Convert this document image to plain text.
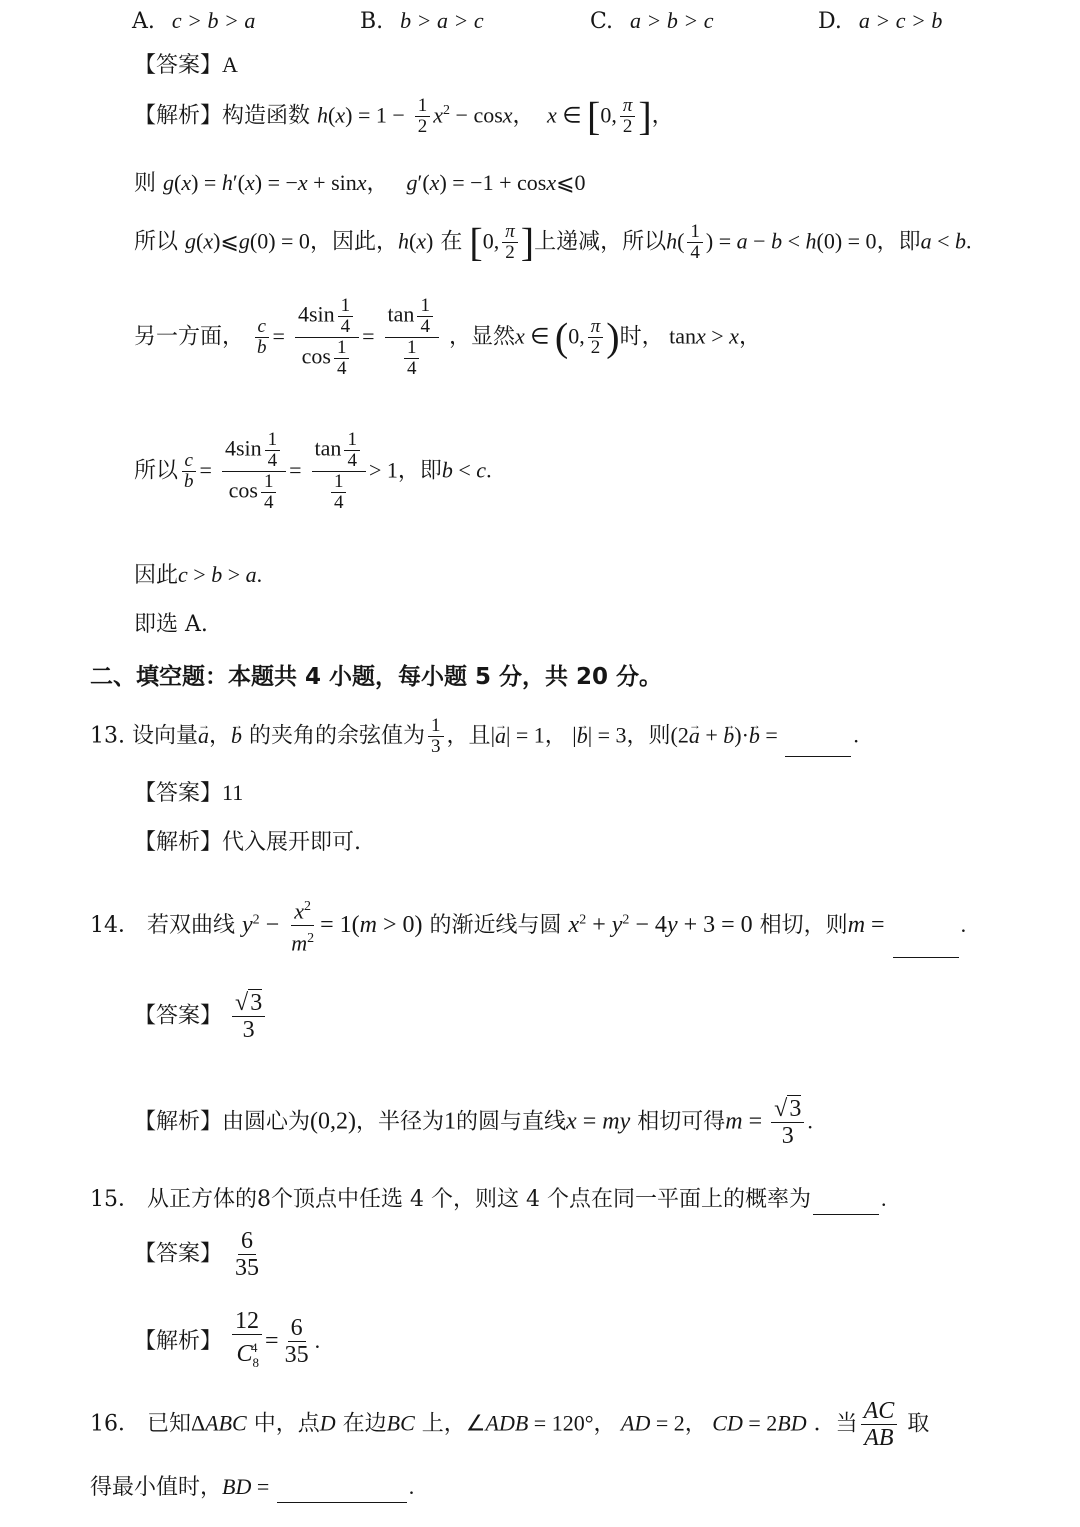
A. c > b > a	B. b > a > c	C. a > b > c	D. a > c > b
【答案】A
【解析】构造函数 $h(x) = 1 - \frac{1}{2} x^2 - \cos x$，  x ∈ [0, $\frac{\pi}{2}$ ]，
则 g(x) = h′(x) = −x + sinx，   g′(x) = −1 + cosx⩽0
所以 g(x)⩽g(0) = 0，因此，h(x) 在 [0, $\frac{\pi}{2}$ ]上递减，所以$h( \frac{1}{4}$ ) = a − b < h(0) = 0，即a < b.
另一方面， $\frac{c}{b} = \frac{4\sin \frac{1}{4}}{\cos \frac{1}{4}} = \frac{\tan \frac{1}{4}}{\frac{1}{4}}$ ，显然x ∈ (0, $\frac{\pi}{2}$ )时， tanx > x，
所以 $\frac{c}{b} = \frac{4\sin \frac{1}{4}}{\cos \frac{1}{4}} = \frac{\tan \frac{1}{4}}{\frac{1}{4}} > 1$，即b < c.
因此c > b > a.
即选 A.
二、填空题：本题共 4 小题，每小题 5 分，共 20 分。
13. 设向量→ a，→ b 的夹角的余弦值为 $\frac{1}{3}$ ，且|→ a| = 1， |→ b| = 3，则(2→ a + → b)·→ b =	.
【答案】11
【解析】代入展开即可.
14． 若双曲线 $y^2 - \frac{x^2}{m^2} = 1(m > 0)$ 的渐近线与圆 $x^2 + y^2 - 4y + 3 = 0$ 相切，则m =	.
【答案】 $\frac{√3}{3}$
【解析】由圆心为(0,2)，半径为1的圆与直线x = my 相切可得$m = \frac{√3}{3}$ .
15． 从正方体的8个顶点中任选 4 个，则这 4 个点在同一平面上的概率为	.
【答案】 $\frac{6}{35}$
【解析】 $\frac{12}{C_8^4} = \frac{6}{35}$ .
16． 已知ΔABC 中，点D 在边BC 上，∠ADB = 120°， AD = 2， CD = 2BD ．当 $\frac{AC}{AB}$ 取
得最小值时，BD =	.
